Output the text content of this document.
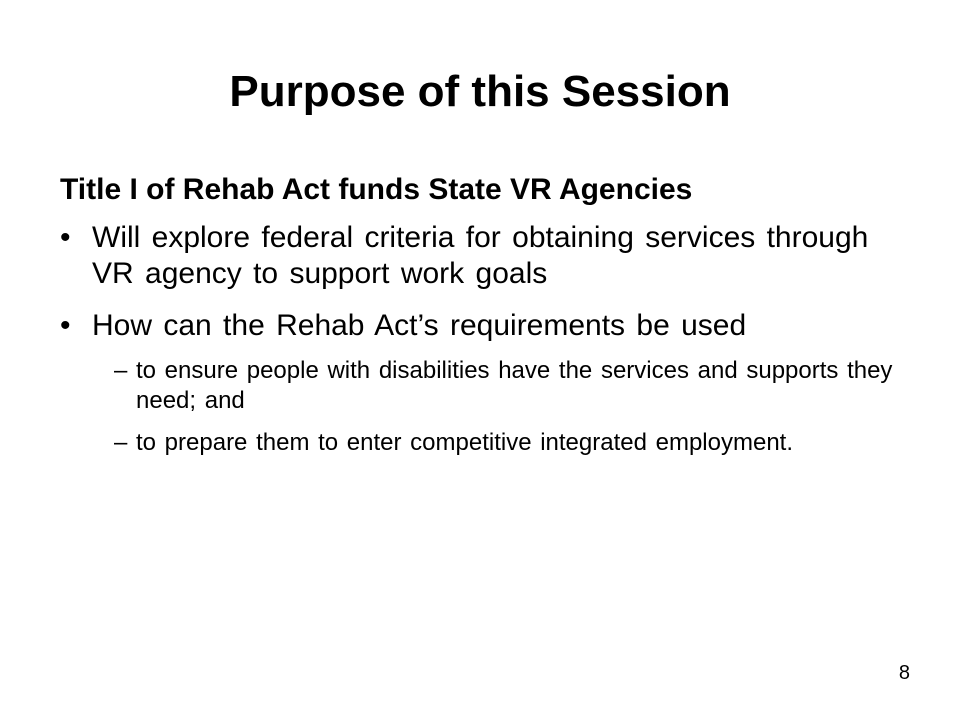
Purpose of this Session
Title I of Rehab Act funds State VR Agencies
• Will explore federal criteria for obtaining services through VR agency to support work goals
• How can the Rehab Act’s requirements be used
– to ensure people with disabilities have the services and supports they need; and
– to prepare them to enter competitive integrated employment.
8
